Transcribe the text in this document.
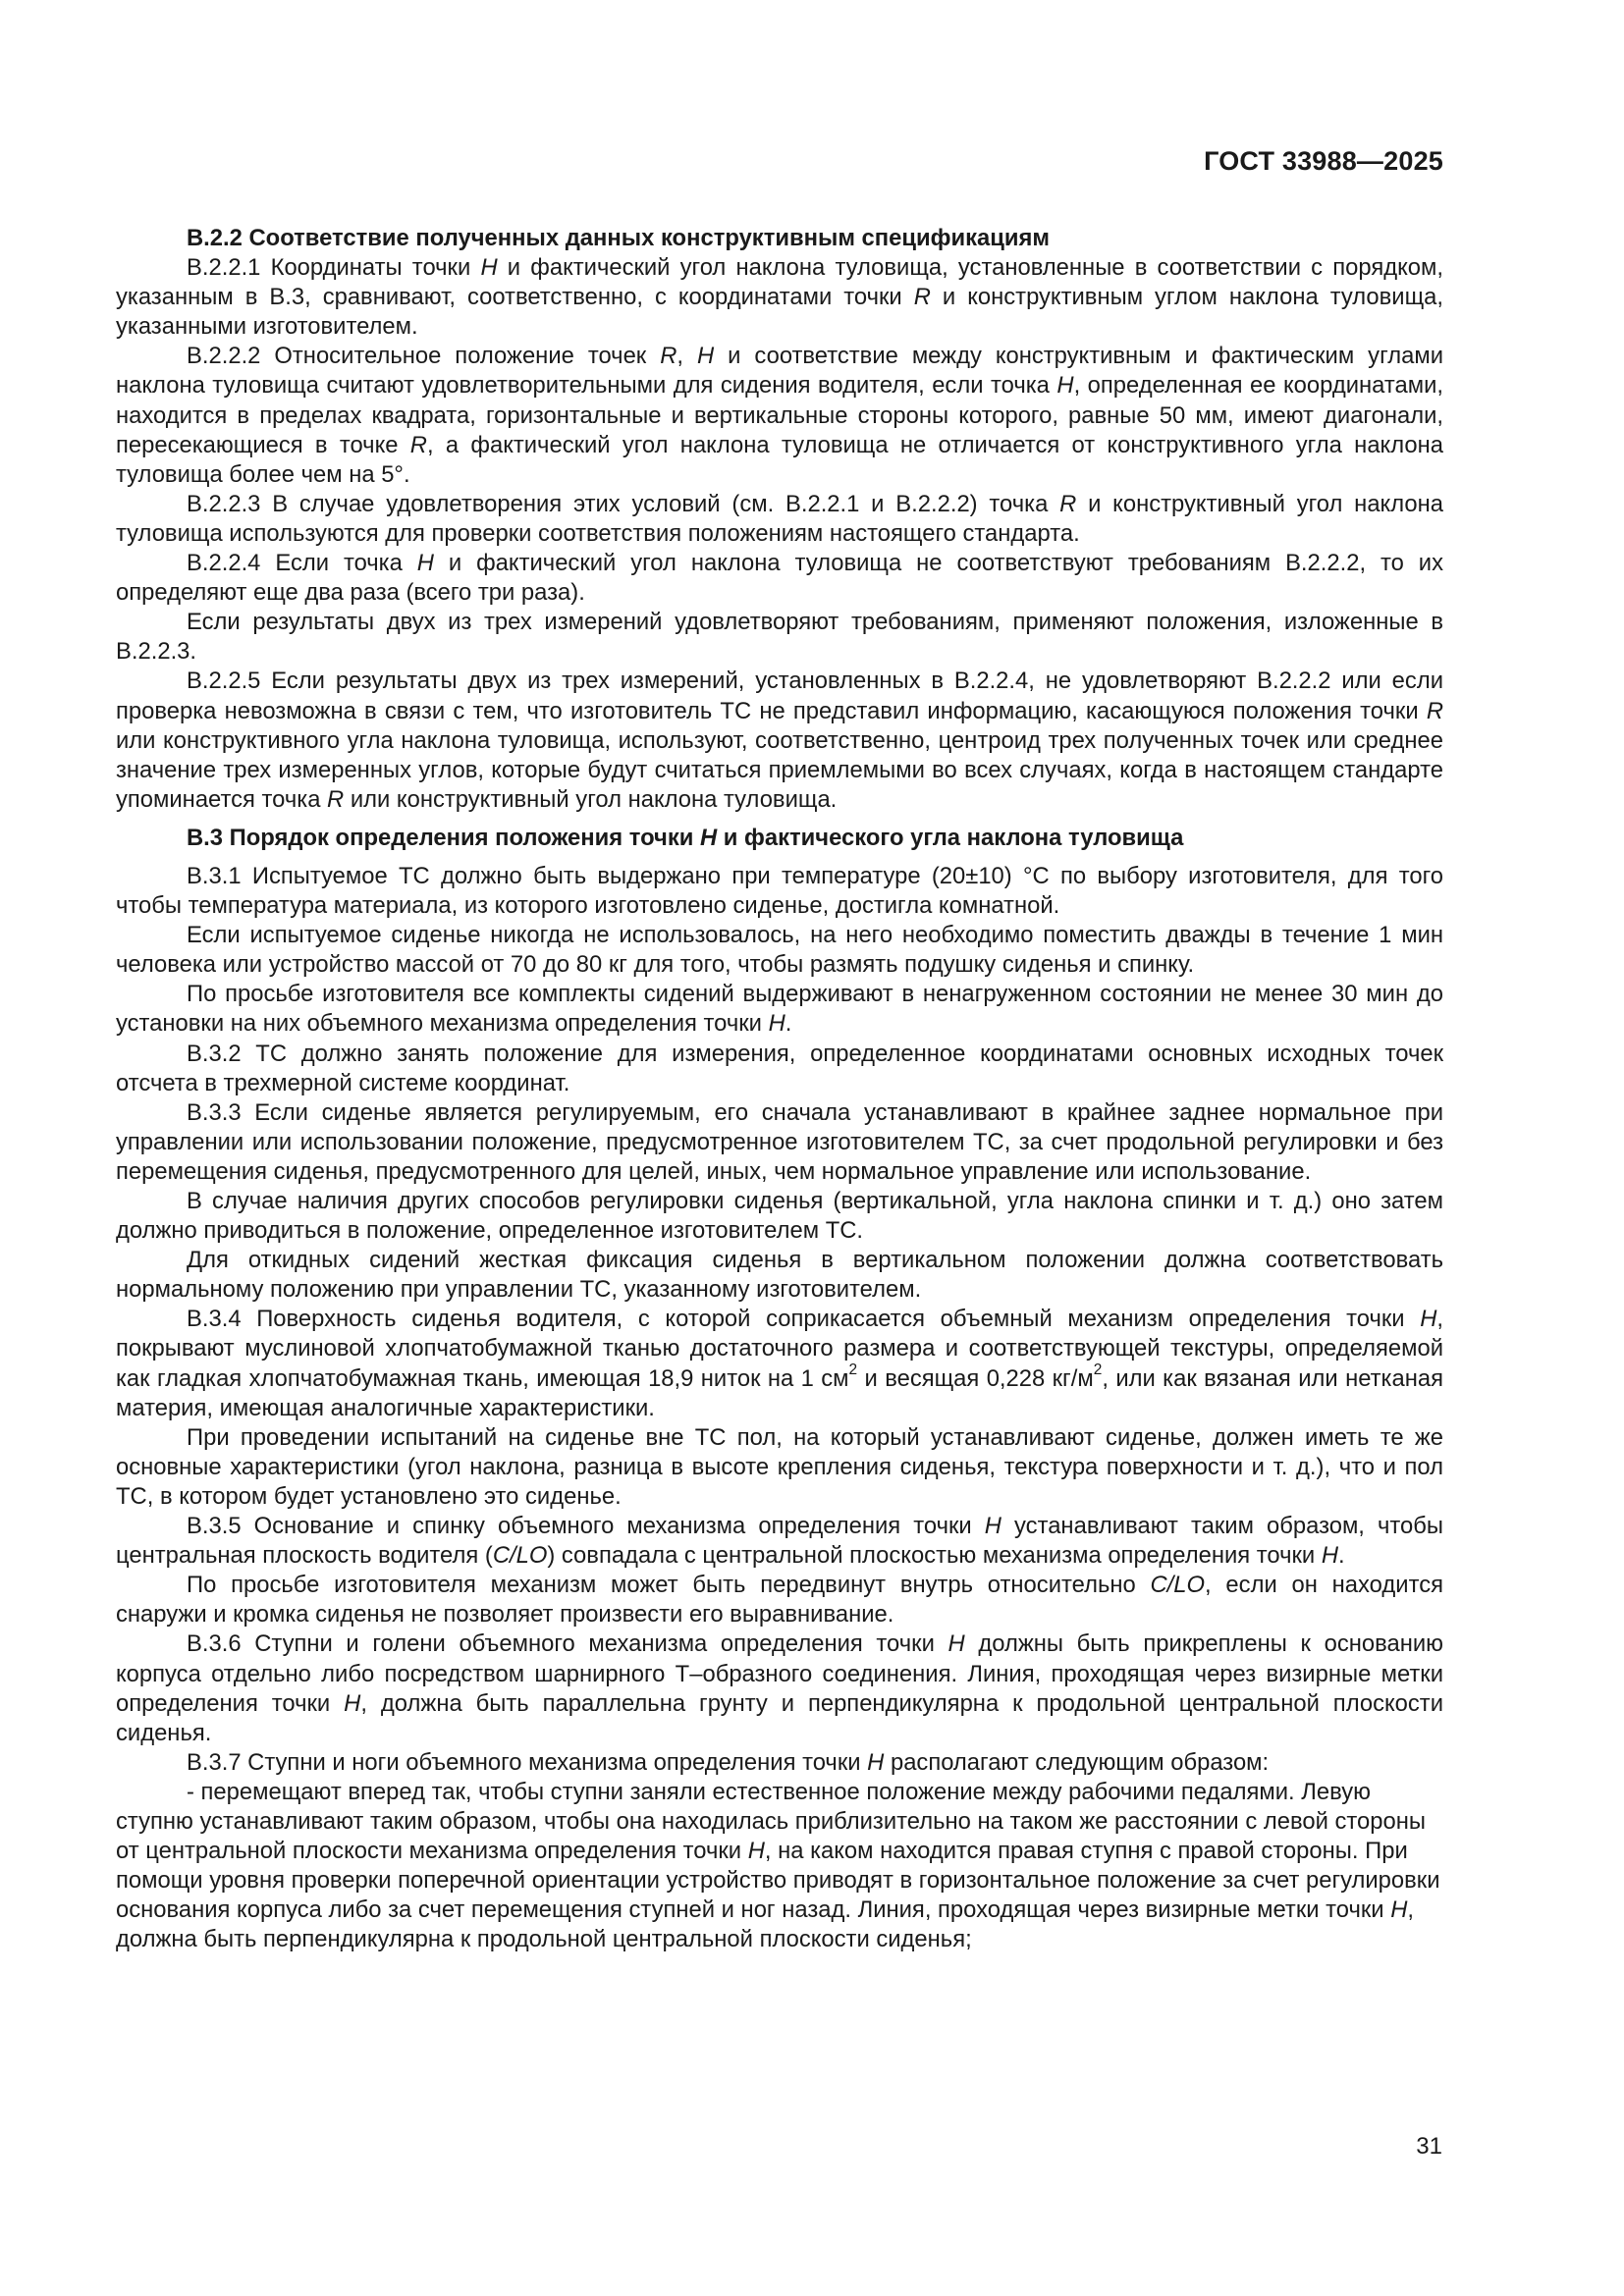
ГОСТ 33988—2025

В.2.2 Соответствие полученных данных конструктивным спецификациям

В.2.2.1 Координаты точки H и фактический угол наклона туловища, установленные в соответствии с порядком, указанным в В.3, сравнивают, соответственно, с координатами точки R и конструктивным углом наклона туловища, указанными изготовителем.

В.2.2.2 Относительное положение точек R, H и соответствие между конструктивным и фактическим углами наклона туловища считают удовлетворительными для сидения водителя, если точка H, определенная ее координатами, находится в пределах квадрата, горизонтальные и вертикальные стороны которого, равные 50 мм, имеют диагонали, пересекающиеся в точке R, а фактический угол наклона туловища не отличается от конструктивного угла наклона туловища более чем на 5°.

В.2.2.3 В случае удовлетворения этих условий (см. В.2.2.1 и В.2.2.2) точка R и конструктивный угол наклона туловища используются для проверки соответствия положениям настоящего стандарта.

В.2.2.4 Если точка H и фактический угол наклона туловища не соответствуют требованиям В.2.2.2, то их определяют еще два раза (всего три раза).

Если результаты двух из трех измерений удовлетворяют требованиям, применяют положения, изложенные в В.2.2.3.

В.2.2.5 Если результаты двух из трех измерений, установленных в В.2.2.4, не удовлетворяют В.2.2.2 или если проверка невозможна в связи с тем, что изготовитель ТС не представил информацию, касающуюся положения точки R или конструктивного угла наклона туловища, используют, соответственно, центроид трех полученных точек или среднее значение трех измеренных углов, которые будут считаться приемлемыми во всех случаях, когда в настоящем стандарте упоминается точка R или конструктивный угол наклона туловища.

В.3 Порядок определения положения точки H и фактического угла наклона туловища

В.3.1 Испытуемое ТС должно быть выдержано при температуре (20±10) °С по выбору изготовителя, для того чтобы температура материала, из которого изготовлено сиденье, достигла комнатной.

Если испытуемое сиденье никогда не использовалось, на него необходимо поместить дважды в течение 1 мин человека или устройство массой от 70 до 80 кг для того, чтобы размять подушку сиденья и спинку.

По просьбе изготовителя все комплекты сидений выдерживают в ненагруженном состоянии не менее 30 мин до установки на них объемного механизма определения точки H.

В.3.2 ТС должно занять положение для измерения, определенное координатами основных исходных точек отсчета в трехмерной системе координат.

В.3.3 Если сиденье является регулируемым, его сначала устанавливают в крайнее заднее нормальное при управлении или использовании положение, предусмотренное изготовителем ТС, за счет продольной регулировки и без перемещения сиденья, предусмотренного для целей, иных, чем нормальное управление или использование.

В случае наличия других способов регулировки сиденья (вертикальной, угла наклона спинки и т. д.) оно затем должно приводиться в положение, определенное изготовителем ТС.

Для откидных сидений жесткая фиксация сиденья в вертикальном положении должна соответствовать нормальному положению при управлении ТС, указанному изготовителем.

В.3.4 Поверхность сиденья водителя, с которой соприкасается объемный механизм определения точки H, покрывают муслиновой хлопчатобумажной тканью достаточного размера и соответствующей текстуры, определяемой как гладкая хлопчатобумажная ткань, имеющая 18,9 ниток на 1 $см^2$ и весящая 0,228 $кг/м^2$, или как вязаная или нетканая материя, имеющая аналогичные характеристики.

При проведении испытаний на сиденье вне ТС пол, на который устанавливают сиденье, должен иметь те же основные характеристики (угол наклона, разница в высоте крепления сиденья, текстура поверхности и т. д.), что и пол ТС, в котором будет установлено это сиденье.

В.3.5 Основание и спинку объемного механизма определения точки H устанавливают таким образом, чтобы центральная плоскость водителя (C/LO) совпадала с центральной плоскостью механизма определения точки H.

По просьбе изготовителя механизм может быть передвинут внутрь относительно C/LO, если он находится снаружи и кромка сиденья не позволяет произвести его выравнивание.

В.3.6 Ступни и голени объемного механизма определения точки H должны быть прикреплены к основанию корпуса отдельно либо посредством шарнирного Т–образного соединения. Линия, проходящая через визирные метки определения точки H, должна быть параллельна грунту и перпендикулярна к продольной центральной плоскости сиденья.

В.3.7 Ступни и ноги объемного механизма определения точки H располагают следующим образом:

- перемещают вперед так, чтобы ступни заняли естественное положение между рабочими педалями. Левую ступню устанавливают таким образом, чтобы она находилась приблизительно на таком же расстоянии с левой стороны от центральной плоскости механизма определения точки H, на каком находится правая ступня с правой стороны. При помощи уровня проверки поперечной ориентации устройство приводят в горизонтальное положение за счет регулировки основания корпуса либо за счет перемещения ступней и ног назад. Линия, проходящая через визирные метки точки H, должна быть перпендикулярна к продольной центральной плоскости сиденья;

31
